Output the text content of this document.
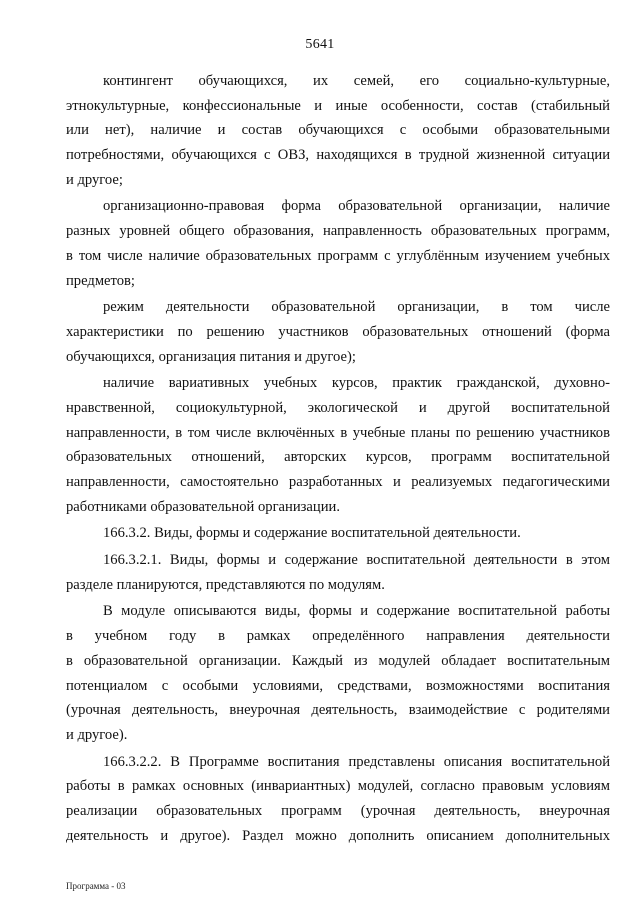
5641
контингент обучающихся, их семей, его социально-культурные,
этнокультурные, конфессиональные и иные особенности, состав (стабильный
или нет), наличие и состав обучающихся с особыми образовательными
потребностями, обучающихся с ОВЗ, находящихся в трудной жизненной ситуации
и другое;
организационно-правовая форма образовательной организации, наличие
разных уровней общего образования, направленность образовательных программ,
в том числе наличие образовательных программ с углублённым изучением учебных
предметов;
режим деятельности образовательной организации, в том числе
характеристики по решению участников образовательных отношений (форма
обучающихся, организация питания и другое);
наличие вариативных учебных курсов, практик гражданской, духовно-
нравственной, социокультурной, экологической и другой воспитательной
направленности, в том числе включённых в учебные планы по решению участников
образовательных отношений, авторских курсов, программ воспитательной
направленности, самостоятельно разработанных и реализуемых педагогическими
работниками образовательной организации.
166.3.2. Виды, формы и содержание воспитательной деятельности.
166.3.2.1. Виды, формы и содержание воспитательной деятельности в этом
разделе планируются, представляются по модулям.
В модуле описываются виды, формы и содержание воспитательной работы
в учебном году в рамках определённого направления деятельности
в образовательной организации. Каждый из модулей обладает воспитательным
потенциалом с особыми условиями, средствами, возможностями воспитания
(урочная деятельность, внеурочная деятельность, взаимодействие с родителями
и другое).
166.3.2.2. В Программе воспитания представлены описания воспитательной
работы в рамках основных (инвариантных) модулей, согласно правовым условиям
реализации образовательных программ (урочная деятельность, внеурочная
деятельность и другое). Раздел можно дополнить описанием дополнительных
Программа - 03
